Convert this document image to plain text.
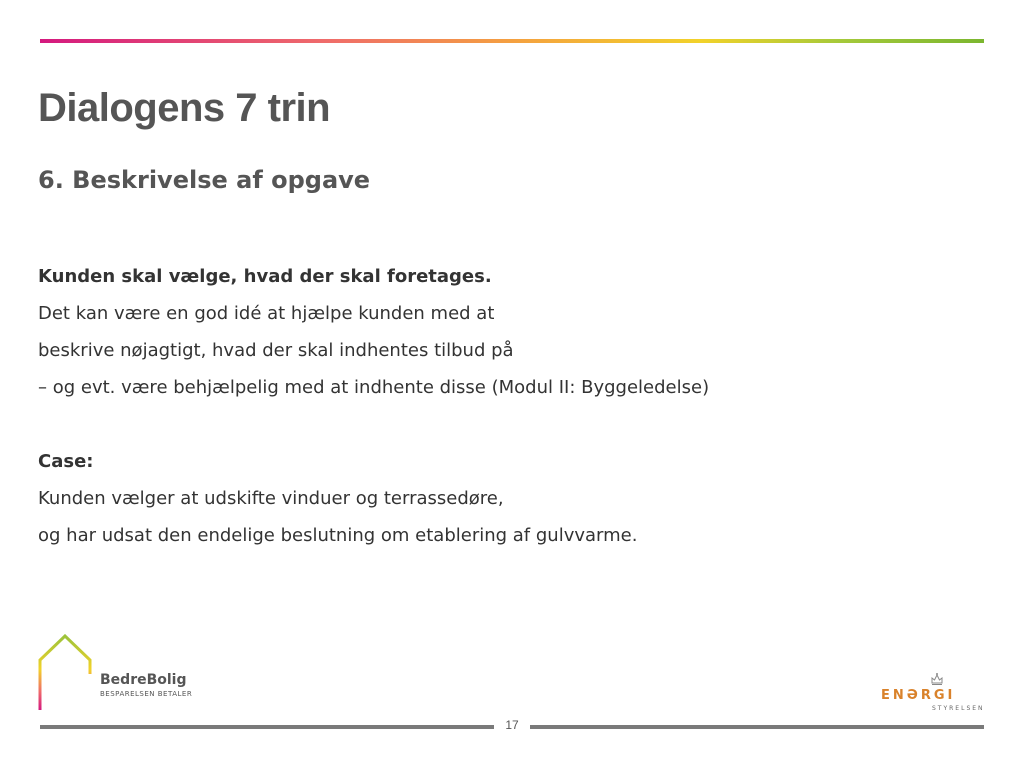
Dialogens 7 trin
6. Beskrivelse af opgave
Kunden skal vælge, hvad der skal foretages.
Det kan være en god idé at hjælpe kunden med at
beskrive nøjagtigt, hvad der skal indhentes tilbud på
– og evt. være behjælpelig med at indhente disse (Modul II: Byggeledelse)
Case:
Kunden vælger at udskifte vinduer og terrassedøre,
og har udsat den endelige beslutning om etablering af gulvvarme.
BedreBolig
BESPARELSEN BETALER
17
ENƏRGI
STYRELSEN
